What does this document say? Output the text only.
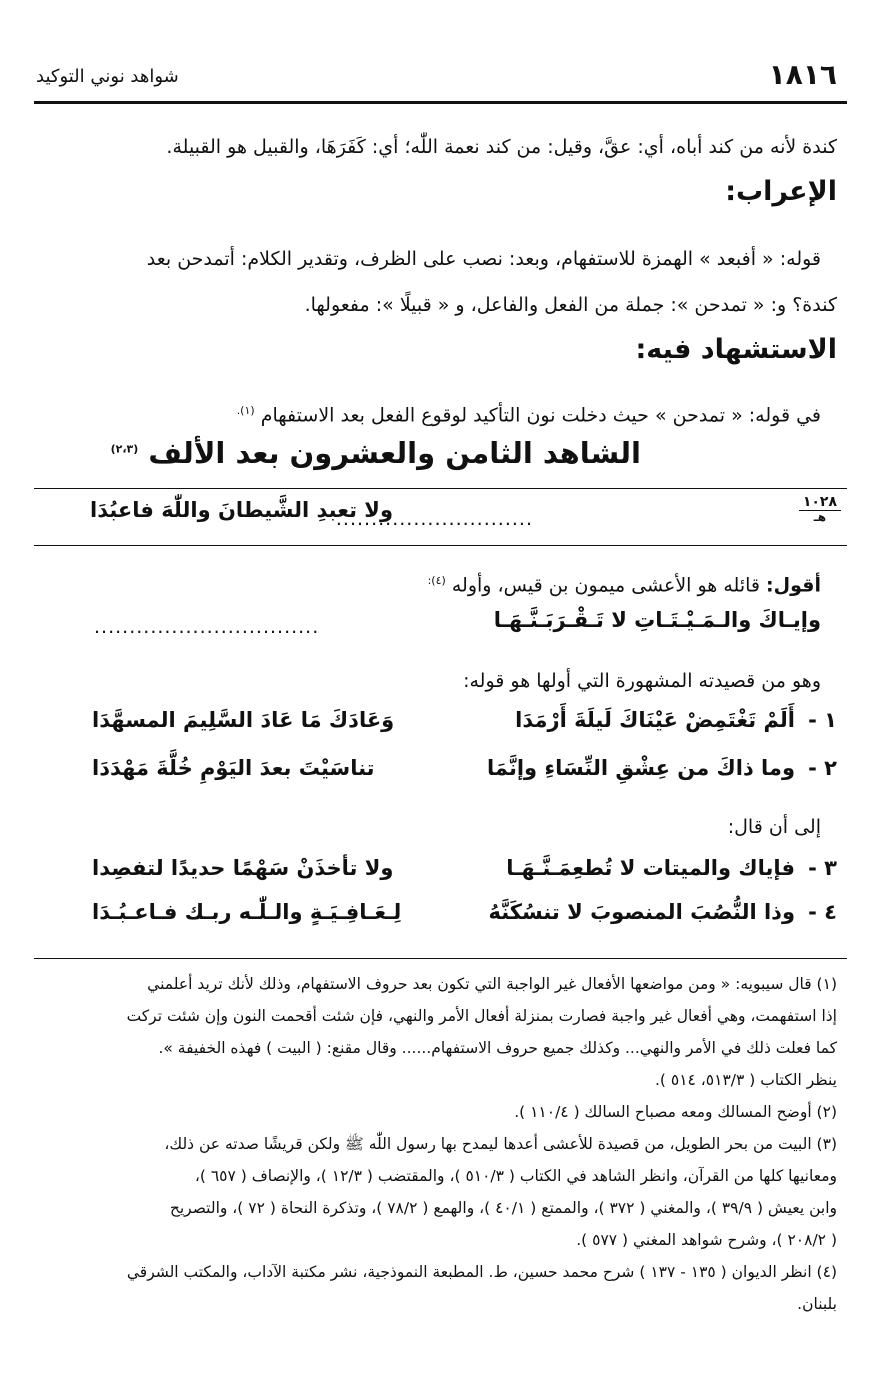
١٨١٦
شواهد نوني التوكيد
كندة لأنه من كند أباه، أي: عقَّ، وقيل: من كند نعمة اللّٰه؛ أي: كَفَرَهَا، والقبيل هو القبيلة.
الإعراب:
قوله: « أفبعد » الهمزة للاستفهام، وبعد: نصب على الظرف، وتقدير الكلام: أتمدحن بعد
كندة؟ و: « تمدحن »: جملة من الفعل والفاعل، و « قبيلًا »: مفعولها.
الاستشهاد فيه:
في قوله: « تمدحن » حيث دخلت نون التأكيد لوقوع الفعل بعد الاستفهام $^{(١).}$
الشاهد الثامن والعشرون بعد الألف $^{(٢،٣)}$
١٠٢٨
هـ
............................
ولا تعبدِ الشَّيطانَ واللّٰهَ فاعبُدَا
أقول: قائله هو الأعشى ميمون بن قيس، وأوله $^{(٤):}$
وإيـاكَ والـمَـيْـتَـاتِ لا تَـقْـرَبَـنَّـهَـا
................................
وهو من قصيدته المشهورة التي أولها هو قوله:
١ -
أَلَمْ تَغْتَمِضْ عَيْنَاكَ لَيلَةَ أَرْمَدَا
وَعَادَكَ مَا عَادَ السَّلِيمَ المسهَّدَا
٢ -
وما ذاكَ من عِشْقِ النِّسَاءِ وإنَّمَا
تناسَيْتَ بعدَ اليَوْمِ خُلَّةَ مَهْدَدَا
إلى أن قال:
٣ -
فإياك والميتات لا تُطعِمَـنَّـهَـا
ولا تأخذَنْ سَهْمًا حديدًا لتفصِدا
٤ -
وذا النُّصُبَ المنصوبَ لا تنسُكَنَّهُ
لِـعَـافِـيَـةٍ والـلّٰـه ربـك فـاعـبُـدَا
(١) قال سيبويه: « ومن مواضعها الأفعال غير الواجبة التي تكون بعد حروف الاستفهام، وذلك لأنك تريد أعلمني
إذا استفهمت، وهي أفعال غير واجبة فصارت بمنزلة أفعال الأمر والنهي، فإن شئت أقحمت النون وإن شئت تركت
كما فعلت ذلك في الأمر والنهي... وكذلك جميع حروف الاستفهام...... وقال مقنع: ( البيت ) فهذه الخفيفة ».
ينظر الكتاب ( ٥١٣/٣، ٥١٤ ).
(٢) أوضح المسالك ومعه مصباح السالك ( ١١٠/٤ ).
(٣) البيت من بحر الطويل، من قصيدة للأعشى أعدها ليمدح بها رسول اللّٰه ﷺ ولكن قريشًا صدته عن ذلك،
ومعانيها كلها من القرآن، وانظر الشاهد في الكتاب ( ٥١٠/٣ )، والمقتضب ( ١٢/٣ )، والإنصاف ( ٦٥٧ )،
وابن يعيش ( ٣٩/٩ )، والمغني ( ٣٧٢ )، والممتع ( ٤٠/١ )، والهمع ( ٧٨/٢ )، وتذكرة النحاة ( ٧٢ )، والتصريح
( ٢٠٨/٢ )، وشرح شواهد المغني ( ٥٧٧ ).
(٤) انظر الديوان ( ١٣٥ - ١٣٧ ) شرح محمد حسين، ط. المطبعة النموذجية، نشر مكتبة الآداب، والمكتب الشرقي
بلبنان.
